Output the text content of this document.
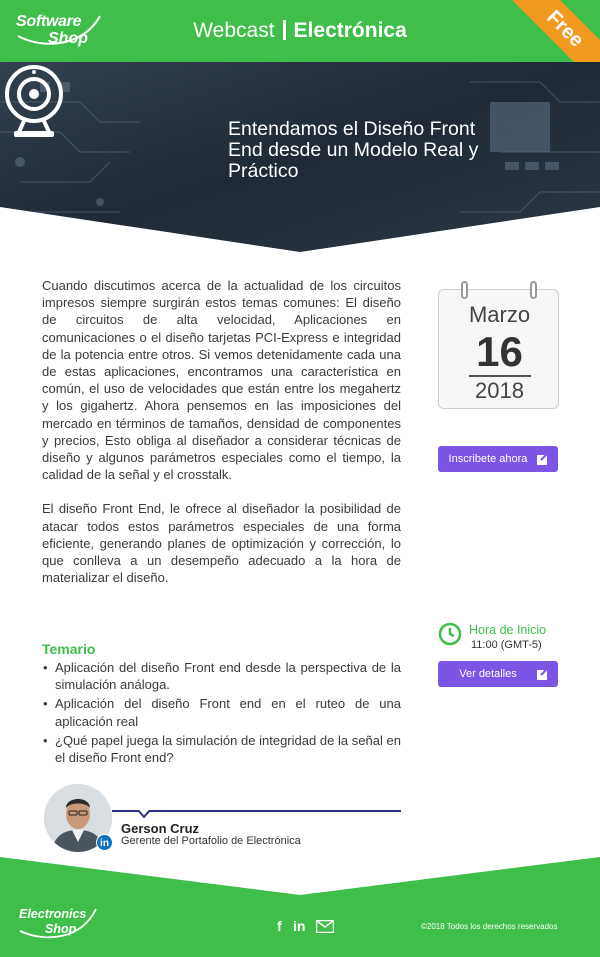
Software
Shop	Webcast Electrónica	Free
Entendamos el Diseño Front End desde un Modelo Real y Práctico

Cuando discutimos acerca de la actualidad de los circuitos impresos siempre surgirán estos temas comunes: El diseño de circuitos de alta velocidad, Aplicaciones en comunicaciones o el diseño tarjetas PCI-Express e integridad de la potencia entre otros. Si vemos detenidamente cada una de estas aplicaciones, encontramos una característica en común, el uso de velocidades que están entre los megahertz y los gigahertz. Ahora pensemos en las imposiciones del mercado en términos de tamaños, densidad de componentes y precios, Esto obliga al diseñador a considerar técnicas de diseño y algunos parámetros especiales como el tiempo, la calidad de la señal y el crosstalk.

El diseño Front End, le ofrece al diseñador la posibilidad de atacar todos estos parámetros especiales de una forma eficiente, generando planes de optimización y corrección, lo que conlleva a un desempeño adecuado a la hora de materializar el diseño.

Temario
• Aplicación del diseño Front end desde la perspectiva de la simulación análoga.
• Aplicación del diseño Front end en el ruteo de una aplicación real
• ¿Qué papel juega la simulación de integridad de la señal en el diseño Front end?
Marzo
16
2018
Inscribete ahora
Hora de Inicio
11:00 (GMT-5)
Ver detalles
in
Gerson Cruz
Gerente del Portafolio de Electrónica
Electronics
Shop	f in	©2018 Todos los derechos reservados
